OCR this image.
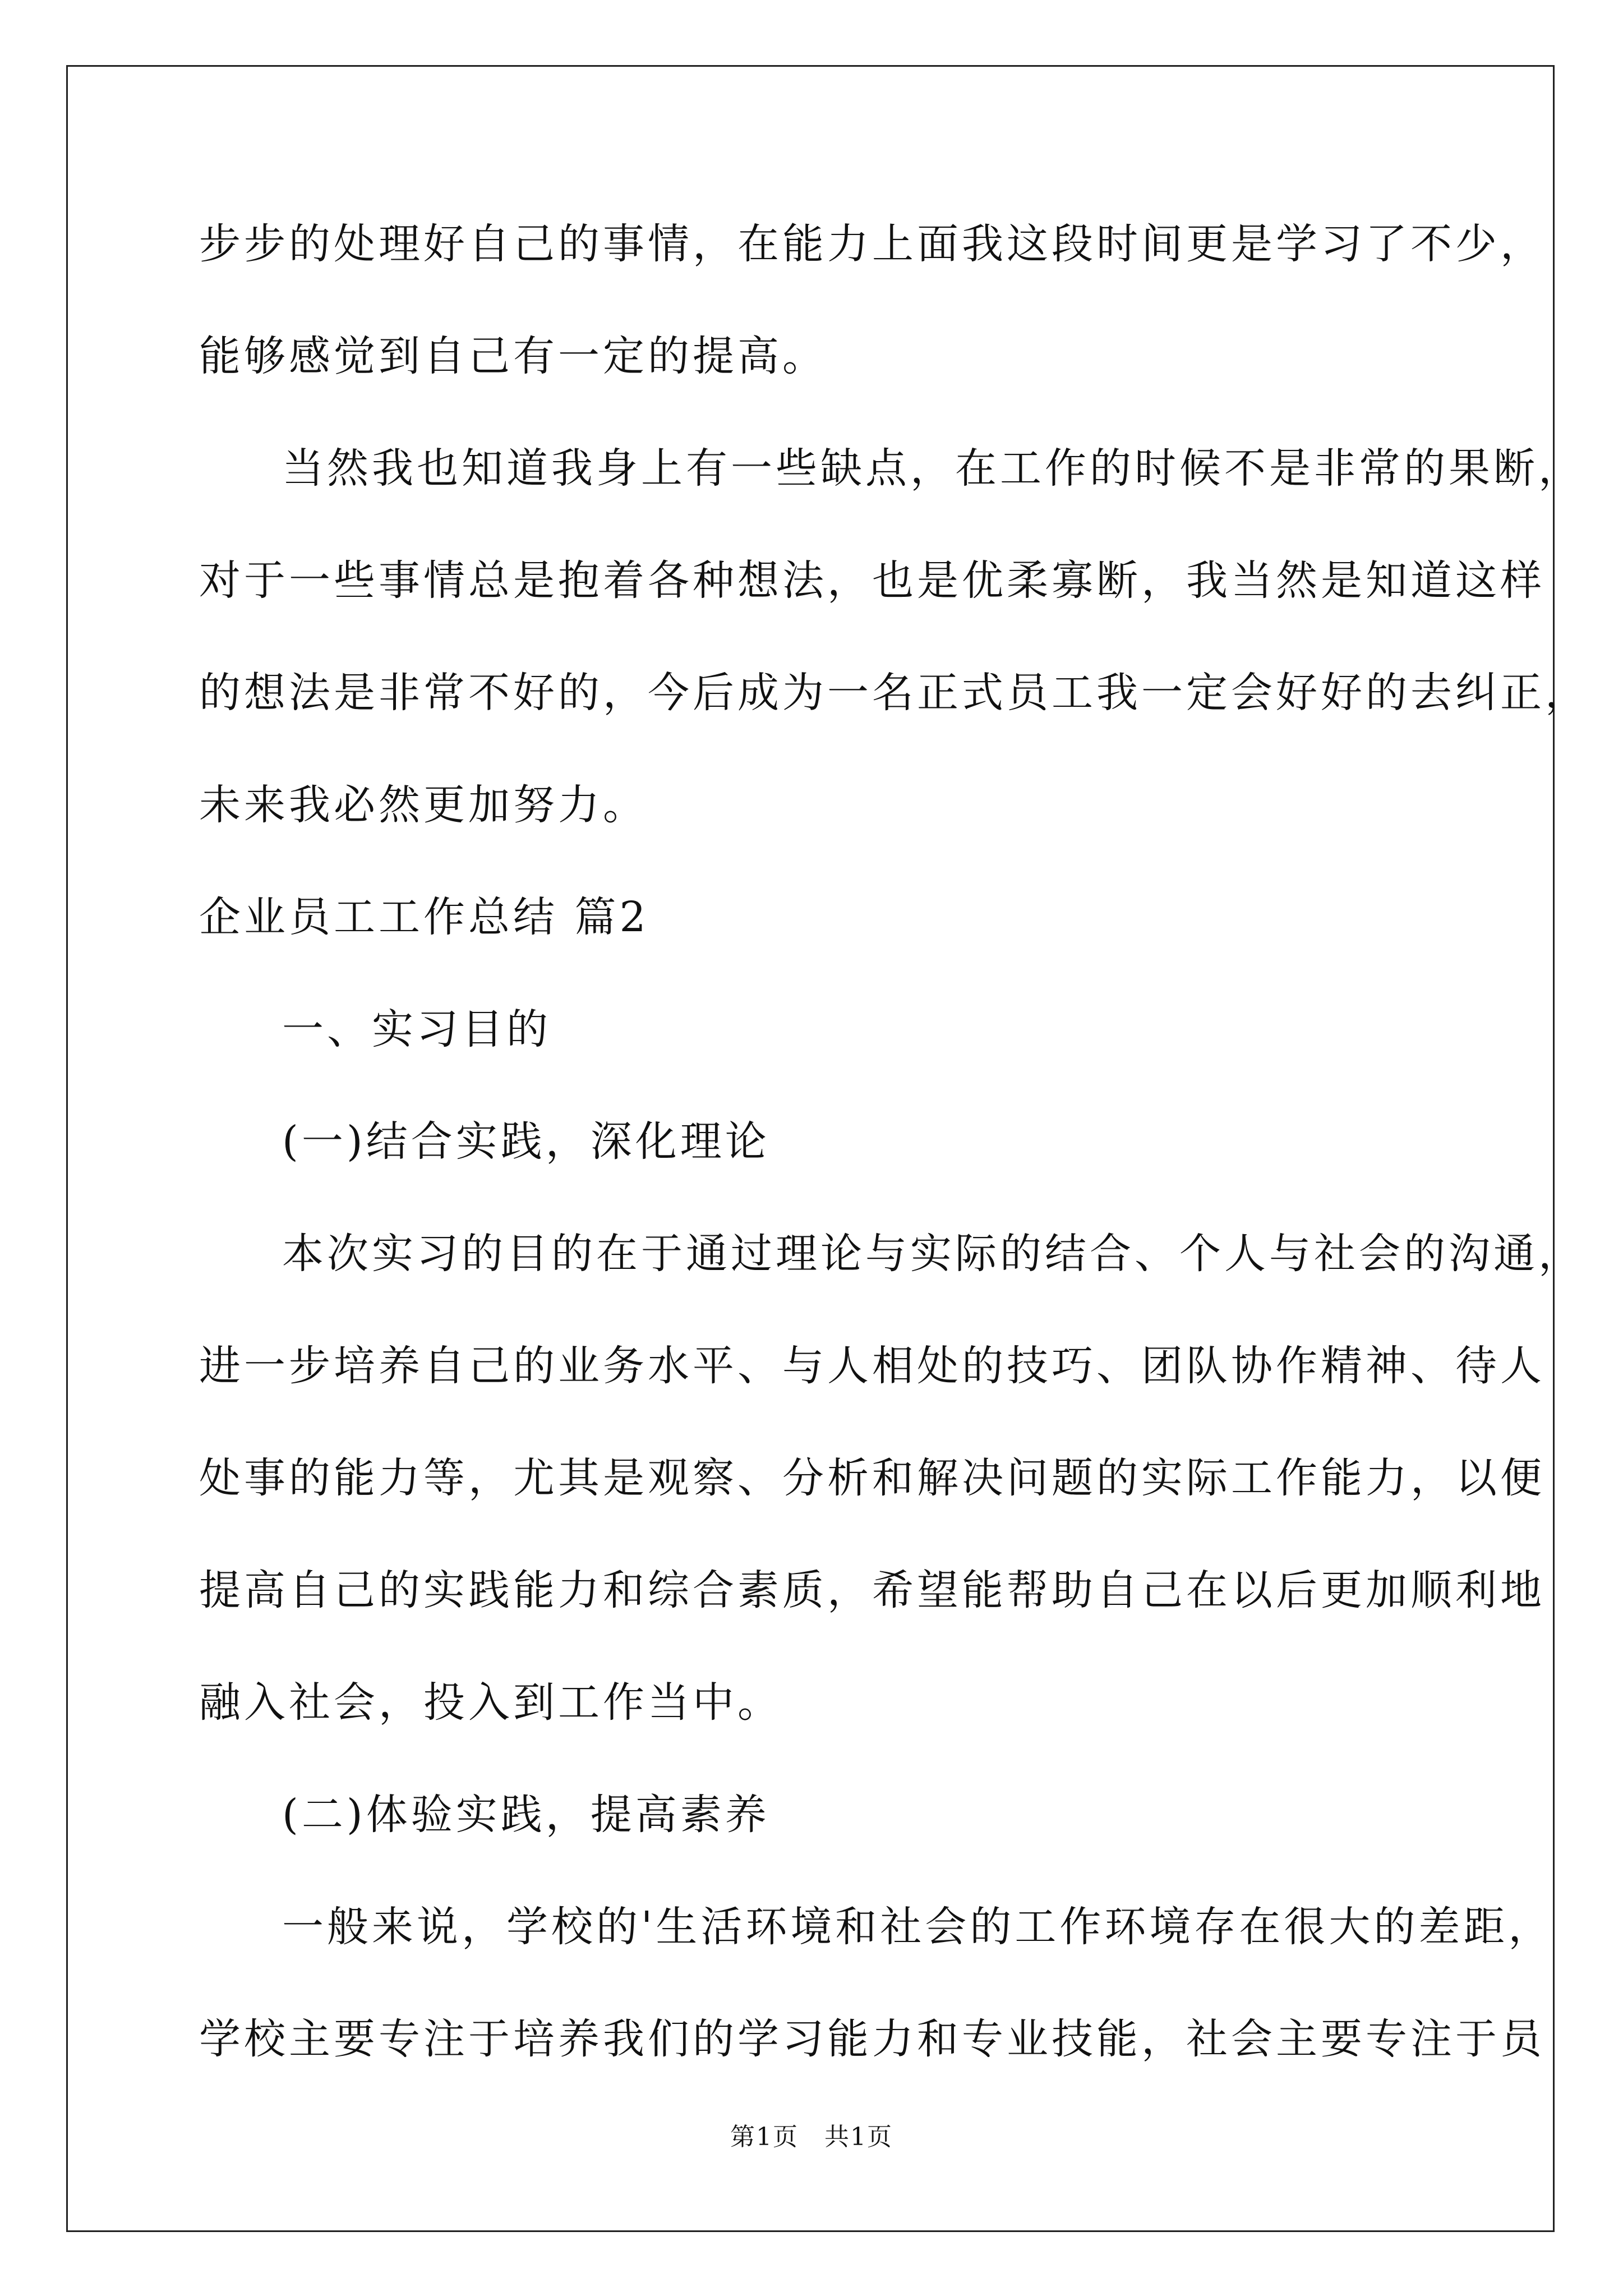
步步的处理好自己的事情，在能力上面我这段时间更是学习了不少，
能够感觉到自己有一定的提高。
当然我也知道我身上有一些缺点，在工作的时候不是非常的果断，
对于一些事情总是抱着各种想法，也是优柔寡断，我当然是知道这样
的想法是非常不好的，今后成为一名正式员工我一定会好好的去纠正，
未来我必然更加努力。
企业员工工作总结 篇2
一、实习目的
(一)结合实践，深化理论
本次实习的目的在于通过理论与实际的结合、个人与社会的沟通，
进一步培养自己的业务水平、与人相处的技巧、团队协作精神、待人
处事的能力等，尤其是观察、分析和解决问题的实际工作能力，以便
提高自己的实践能力和综合素质，希望能帮助自己在以后更加顺利地
融入社会，投入到工作当中。
(二)体验实践，提高素养
一般来说，学校的'生活环境和社会的工作环境存在很大的差距，
学校主要专注于培养我们的学习能力和专业技能，社会主要专注于员
第1页　共1页
